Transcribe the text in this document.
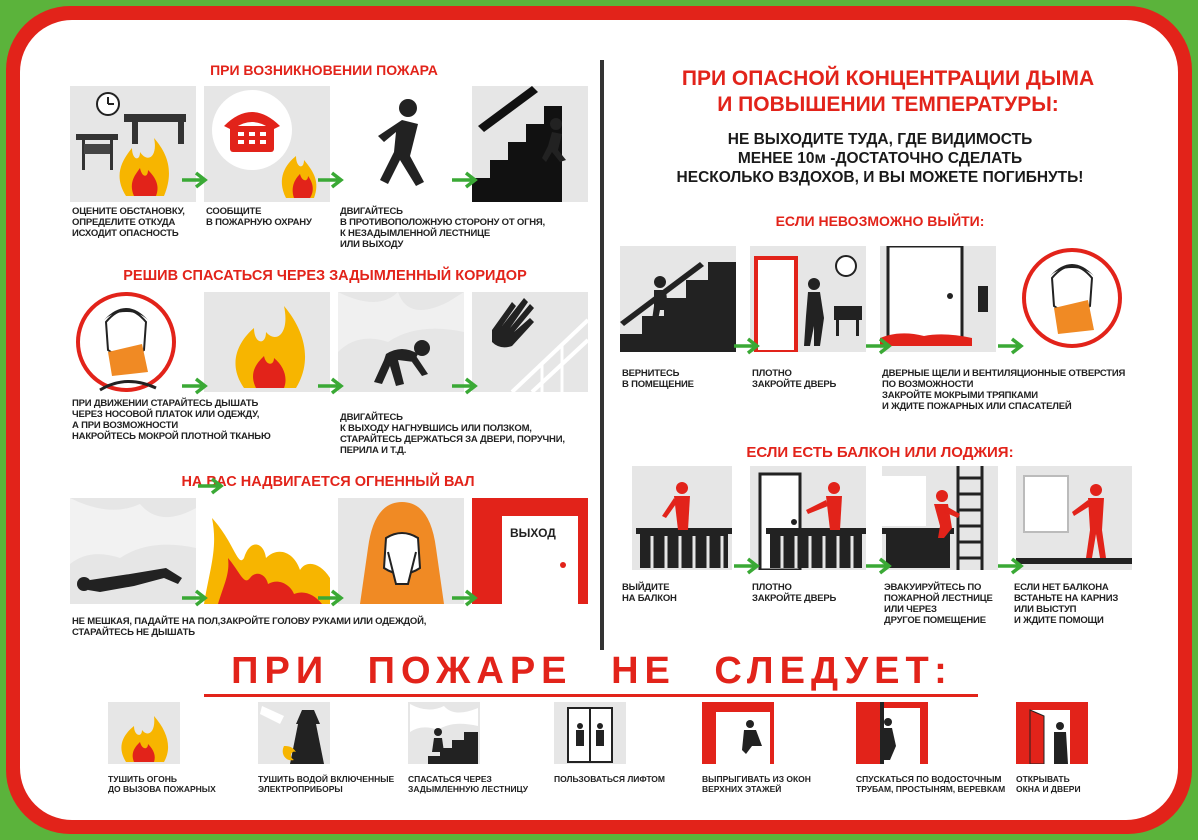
ПРИ ВОЗНИКНОВЕНИИ ПОЖАРА
ОЦЕНИТЕ ОБСТАНОВКУ,
ОПРЕДЕЛИТЕ ОТКУДА
ИСХОДИТ ОПАСНОСТЬ
СООБЩИТЕ
В ПОЖАРНУЮ ОХРАНУ
ДВИГАЙТЕСЬ
В ПРОТИВОПОЛОЖНУЮ СТОРОНУ ОТ ОГНЯ,
К НЕЗАДЫМЛЕННОЙ ЛЕСТНИЦЕ
ИЛИ ВЫХОДУ
РЕШИВ СПАСАТЬСЯ ЧЕРЕЗ ЗАДЫМЛЕННЫЙ КОРИДОР
ПРИ ДВИЖЕНИИ СТАРАЙТЕСЬ ДЫШАТЬ
ЧЕРЕЗ НОСОВОЙ ПЛАТОК ИЛИ ОДЕЖДУ,
А ПРИ ВОЗМОЖНОСТИ
НАКРОЙТЕСЬ МОКРОЙ ПЛОТНОЙ ТКАНЬЮ
ДВИГАЙТЕСЬ
К ВЫХОДУ НАГНУВШИСЬ ИЛИ ПОЛЗКОМ,
СТАРАЙТЕСЬ ДЕРЖАТЬСЯ ЗА ДВЕРИ, ПОРУЧНИ,
ПЕРИЛА И Т.Д.
НА ВАС НАДВИГАЕТСЯ ОГНЕННЫЙ ВАЛ
ВЫХОД
НЕ МЕШКАЯ, ПАДАЙТЕ НА ПОЛ,ЗАКРОЙТЕ ГОЛОВУ РУКАМИ ИЛИ ОДЕЖДОЙ,
СТАРАЙТЕСЬ НЕ ДЫШАТЬ
ПРИ ОПАСНОЙ КОНЦЕНТРАЦИИ ДЫМА
И ПОВЫШЕНИИ ТЕМПЕРАТУРЫ:
НЕ ВЫХОДИТЕ ТУДА, ГДЕ ВИДИМОСТЬ
МЕНЕЕ 10м -ДОСТАТОЧНО СДЕЛАТЬ
НЕСКОЛЬКО ВЗДОХОВ, И ВЫ МОЖЕТЕ ПОГИБНУТЬ!
ЕСЛИ НЕВОЗМОЖНО ВЫЙТИ:
ВЕРНИТЕСЬ
В ПОМЕЩЕНИЕ
ПЛОТНО
ЗАКРОЙТЕ ДВЕРЬ
ДВЕРНЫЕ ЩЕЛИ И ВЕНТИЛЯЦИОННЫЕ ОТВЕРСТИЯ
ПО ВОЗМОЖНОСТИ
ЗАКРОЙТЕ МОКРЫМИ ТРЯПКАМИ
И ЖДИТЕ ПОЖАРНЫХ ИЛИ СПАСАТЕЛЕЙ
ЕСЛИ ЕСТЬ БАЛКОН ИЛИ ЛОДЖИЯ:
ВЫЙДИТЕ
НА БАЛКОН
ПЛОТНО
ЗАКРОЙТЕ ДВЕРЬ
ЭВАКУИРУЙТЕСЬ ПО
ПОЖАРНОЙ ЛЕСТНИЦЕ
ИЛИ ЧЕРЕЗ
ДРУГОЕ ПОМЕЩЕНИЕ
ЕСЛИ НЕТ БАЛКОНА
ВСТАНЬТЕ НА КАРНИЗ
ИЛИ ВЫСТУП
И ЖДИТЕ ПОМОЩИ
ПРИ ПОЖАРЕ НЕ СЛЕДУЕТ:
ТУШИТЬ ОГОНЬ
ДО ВЫЗОВА ПОЖАРНЫХ
ТУШИТЬ ВОДОЙ ВКЛЮЧЕННЫЕ
ЭЛЕКТРОПРИБОРЫ
СПАСАТЬСЯ ЧЕРЕЗ
ЗАДЫМЛЕННУЮ ЛЕСТНИЦУ
ПОЛЬЗОВАТЬСЯ ЛИФТОМ	ВЫПРЫГИВАТЬ ИЗ ОКОН
ВЕРХНИХ ЭТАЖЕЙ
СПУСКАТЬСЯ ПО ВОДОСТОЧНЫМ
ТРУБАМ, ПРОСТЫНЯМ, ВЕРЕВКАМ
ОТКРЫВАТЬ
ОКНА И ДВЕРИ
